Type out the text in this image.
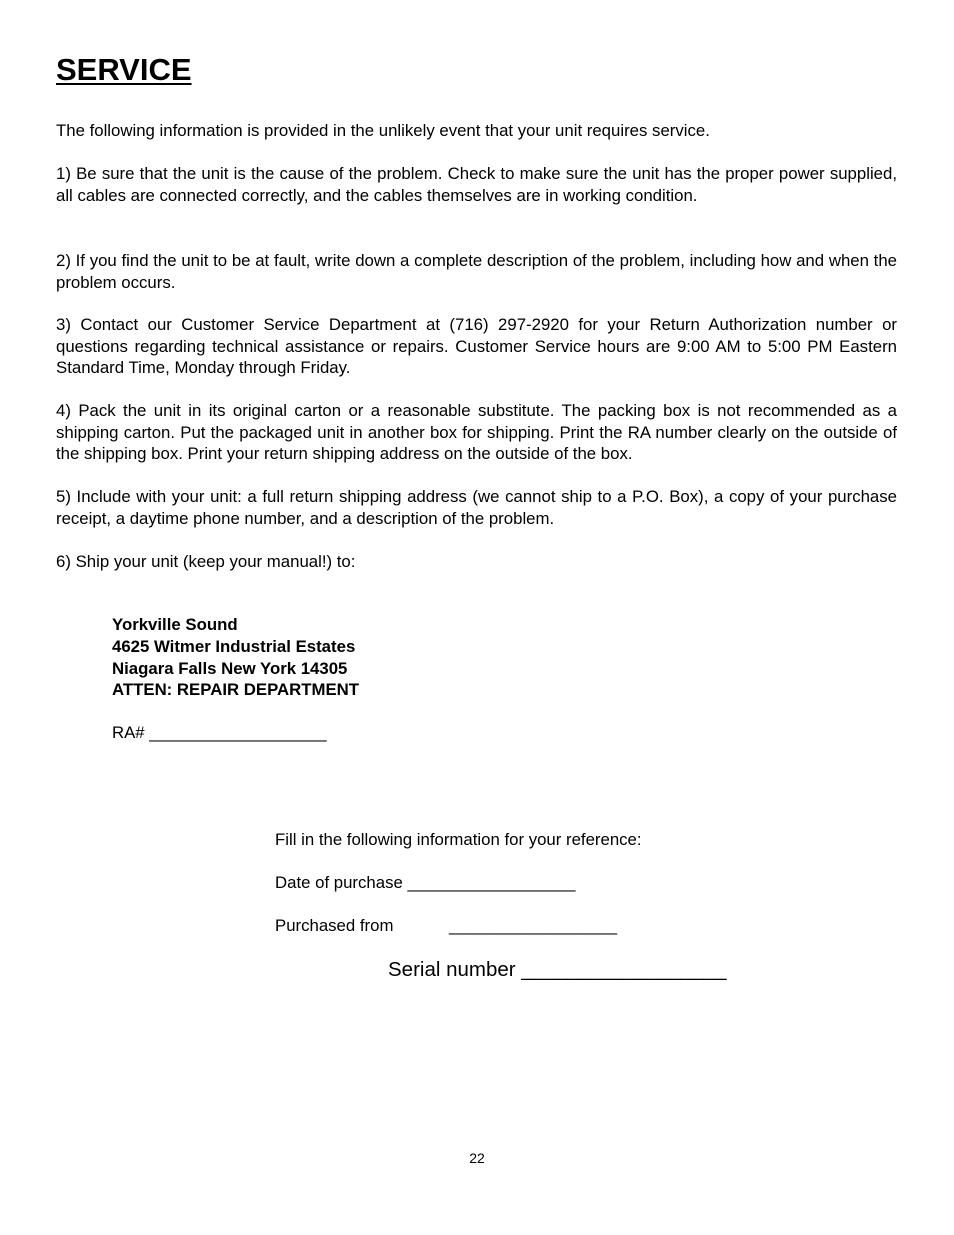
SERVICE

The following information is provided in the unlikely event that your unit requires service.

1) Be sure that the unit is the cause of the problem. Check to make sure the unit has the proper power supplied, all cables are connected correctly, and the cables themselves are in working condition.

2) If you find the unit to be at fault, write down a complete description of the problem, including how and when the problem occurs.

3) Contact our Customer Service Department at (716) 297-2920 for your Return Authorization number or questions regarding technical assistance or repairs. Customer Service hours are 9:00 AM to 5:00 PM Eastern Standard Time, Monday through Friday.

4) Pack the unit in its original carton or a reasonable substitute. The packing box is not recommended as a shipping carton. Put the packaged unit in another box for shipping. Print the RA number clearly on the outside of the shipping box. Print your return shipping address on the outside of the box.

5) Include with your unit: a full return shipping address (we cannot ship to a P.O. Box), a copy of your purchase receipt, a daytime phone number, and a description of the problem.

6) Ship your unit (keep your manual!) to:

Yorkville Sound
4625 Witmer Industrial Estates
Niagara Falls New York 14305
ATTEN: REPAIR DEPARTMENT
RA# ___________________
Fill in the following information for your reference:
Date of purchase __________________
Purchased from	__________________
Serial number __________________
22
